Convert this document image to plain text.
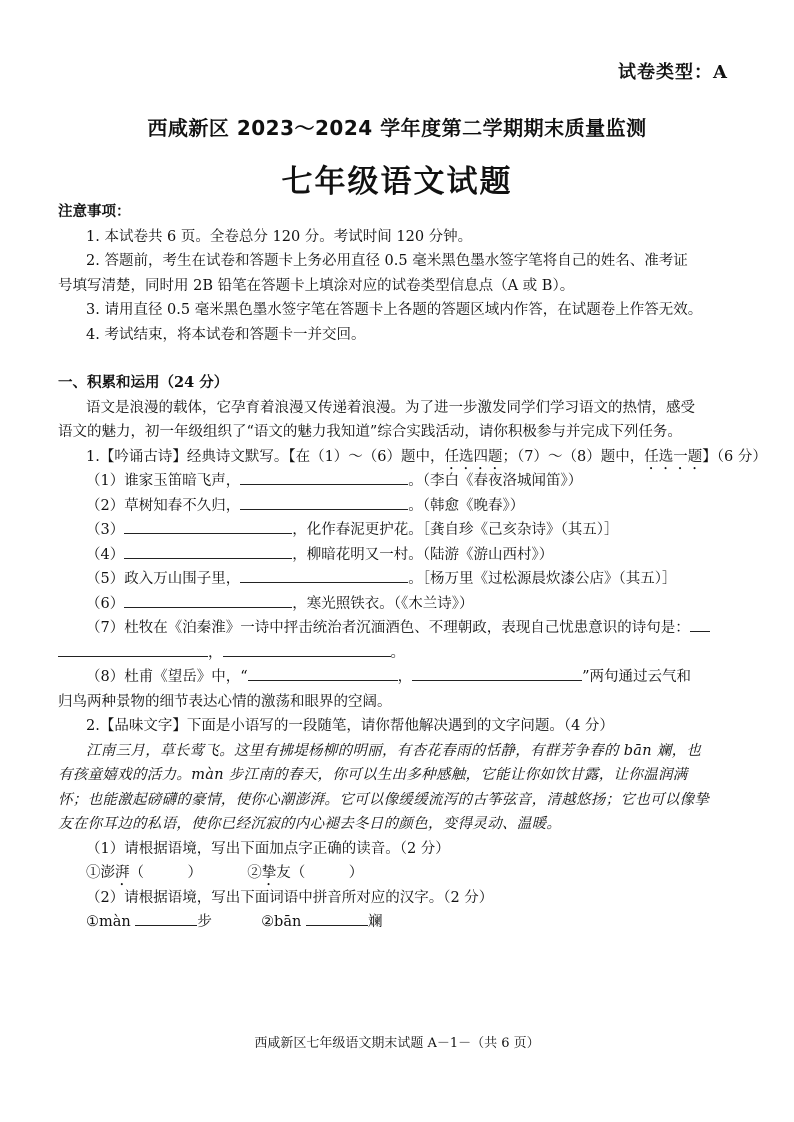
试卷类型：A
西咸新区 2023～2024 学年度第二学期期末质量监测
七年级语文试题
注意事项：
1. 本试卷共 6 页。全卷总分 120 分。考试时间 120 分钟。
2. 答题前，考生在试卷和答题卡上务必用直径 0.5 毫米黑色墨水签字笔将自己的姓名、准考证
号填写清楚，同时用 2B 铅笔在答题卡上填涂对应的试卷类型信息点（A 或 B）。
3. 请用直径 0.5 毫米黑色墨水签字笔在答题卡上各题的答题区域内作答，在试题卷上作答无效。
4. 考试结束，将本试卷和答题卡一并交回。
一、积累和运用（24 分）
语文是浪漫的载体，它孕育着浪漫又传递着浪漫。为了进一步激发同学们学习语文的热情，感受
语文的魅力，初一年级组织了“语文的魅力我知道”综合实践活动，请你积极参与并完成下列任务。
1.【吟诵古诗】经典诗文默写。【在（1）～（6）题中，任选四题；（7）～（8）题中，任选一题】（6 分）
（1）谁家玉笛暗飞声，	。（李白《春夜洛城闻笛》）
（2）草树知春不久归，	。（韩愈《晚春》）
（3）	，化作春泥更护花。［龚自珍《己亥杂诗》（其五）］
（4）	，柳暗花明又一村。（陆游《游山西村》）
（5）政入万山围子里，	。［杨万里《过松源晨炊漆公店》（其五）］
（6）	，寒光照铁衣。（《木兰诗》）
（7）杜牧在《泊秦淮》一诗中抨击统治者沉湎酒色、不理朝政，表现自己忧患意识的诗句是：
，	。
（8）杜甫《望岳》中，“	，	”两句通过云气和
归鸟两种景物的细节表达心情的激荡和眼界的空阔。
2.【品味文字】下面是小语写的一段随笔，请你帮他解决遇到的文字问题。（4 分）
江南三月，草长莺飞。这里有拂堤杨柳的明丽，有杏花春雨的恬静，有群芳争春的 bān 斓，也
有孩童嬉戏的活力。màn 步江南的春天，你可以生出多种感触，它能让你如饮甘露，让你温润满
怀；也能激起磅礴的豪情，使你心潮澎湃。它可以像缓缓流泻的古筝弦音，清越悠扬；它也可以像挚
友在你耳边的私语，使你已经沉寂的内心褪去冬日的颜色，变得灵动、温暖。
（1）请根据语境，写出下面加点字正确的读音。（2 分）
①澎湃（　　　）	②挚友（　　　）
（2）请根据语境，写出下面词语中拼音所对应的汉字。（2 分）
①màn	步	②bān	斓
西咸新区七年级语文期末试题 A－1－（共 6 页）
